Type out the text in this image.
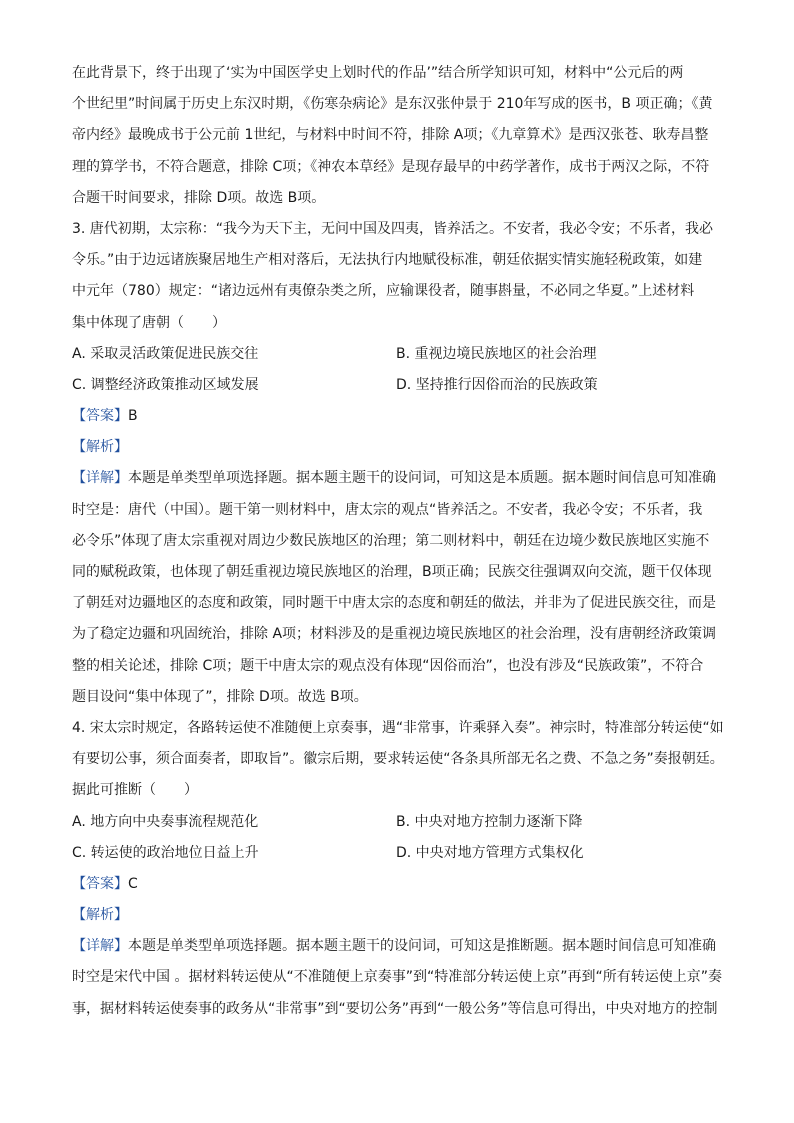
在此背景下，终于出现了‘实为中国医学史上划时代的作品’”结合所学知识可知，材料中“公元后的两
个世纪里”时间属于历史上东汉时期，《伤寒杂病论》是东汉张仲景于 210年写成的医书，B 项正确；《黄
帝内经》最晚成书于公元前 1世纪，与材料中时间不符，排除 A项；《九章算术》是西汉张苍、耿寿昌整
理的算学书，不符合题意，排除 C项；《神农本草经》是现存最早的中药学著作，成书于两汉之际，不符
合题干时间要求，排除 D项。故选 B项。
3. 唐代初期，太宗称：“我今为天下主，无问中国及四夷，皆养活之。不安者，我必令安；不乐者，我必
令乐。”由于边远诸族聚居地生产相对落后，无法执行内地赋役标准，朝廷依据实情实施轻税政策，如建
中元年（780）规定：“诸边远州有夷僚杂类之所，应输课役者，随事斟量，不必同之华夏。”上述材料
集中体现了唐朝（　　）
A. 采取灵活政策促进民族交往	B. 重视边境民族地区的社会治理
C. 调整经济政策推动区域发展	D. 坚持推行因俗而治的民族政策
【答案】B
【解析】
【详解】本题是单类型单项选择题。据本题主题干的设问词，可知这是本质题。据本题时间信息可知准确
时空是：唐代（中国）。题干第一则材料中，唐太宗的观点“皆养活之。不安者，我必令安；不乐者，我
必令乐”体现了唐太宗重视对周边少数民族地区的治理；第二则材料中，朝廷在边境少数民族地区实施不
同的赋税政策，也体现了朝廷重视边境民族地区的治理，B项正确；民族交往强调双向交流，题干仅体现
了朝廷对边疆地区的态度和政策，同时题干中唐太宗的态度和朝廷的做法，并非为了促进民族交往，而是
为了稳定边疆和巩固统治，排除 A项；材料涉及的是重视边境民族地区的社会治理，没有唐朝经济政策调
整的相关论述，排除 C项；题干中唐太宗的观点没有体现“因俗而治”，也没有涉及“民族政策”，不符合
题目设问“集中体现了”，排除 D项。故选 B项。
4. 宋太宗时规定，各路转运使不准随便上京奏事，遇“非常事，许乘驿入奏”。神宗时，特准部分转运使“如
有要切公事，须合面奏者，即取旨”。徽宗后期，要求转运使“各条具所部无名之费、不急之务”奏报朝廷。
据此可推断（　　）
A. 地方向中央奏事流程规范化	B. 中央对地方控制力逐渐下降
C. 转运使的政治地位日益上升	D. 中央对地方管理方式集权化
【答案】C
【解析】
【详解】本题是单类型单项选择题。据本题主题干的设问词，可知这是推断题。据本题时间信息可知准确
时空是宋代中国 。据材料转运使从“不准随便上京奏事”到“特准部分转运使上京”再到“所有转运使上京”奏
事，据材料转运使奏事的政务从“非常事”到“要切公务”再到“一般公务”等信息可得出，中央对地方的控制
